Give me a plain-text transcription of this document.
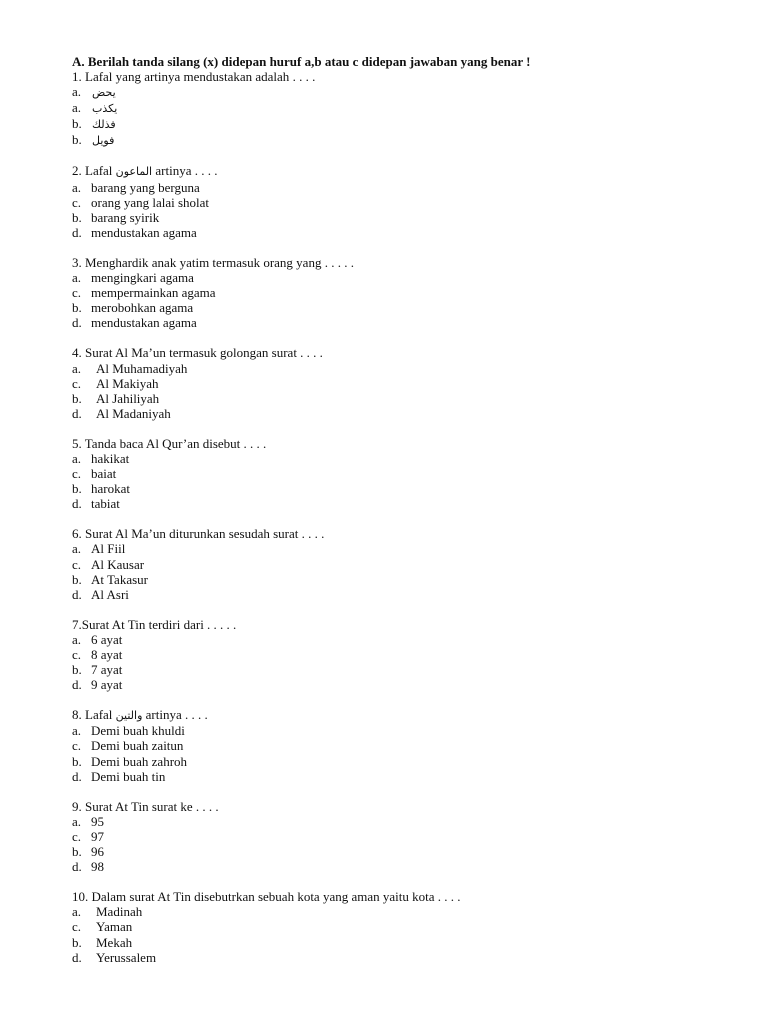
A. Berilah tanda silang (x) didepan huruf a,b atau c didepan jawaban yang benar !

1. Lafal yang artinya mendustakan adalah . . . .
a. يحض
a. يكذب
b. فذلك
b. فويل
2. Lafal الماعون artinya . . . .
a. barang yang berguna
c. orang yang lalai sholat
b. barang syirik
d. mendustakan agama
3. Menghardik anak yatim termasuk orang yang . . . . .
a. mengingkari agama
c. mempermainkan agama
b. merobohkan agama
d. mendustakan agama
4. Surat Al Ma’un termasuk golongan surat . . . .
a.	Al Muhamadiyah
c.	Al Makiyah
b.	Al Jahiliyah
d.	Al Madaniyah
5. Tanda baca Al Qur’an disebut . . . .
a. hakikat
c. baiat
b. harokat
d. tabiat
6. Surat Al Ma’un diturunkan sesudah surat . . . .
a. Al Fiil
c. Al Kausar
b. At Takasur
d. Al Asri
7.Surat At Tin terdiri dari . . . . .
a. 6 ayat
c. 8 ayat
b. 7 ayat
d. 9 ayat
8. Lafal والتين artinya . . . .
a. Demi buah khuldi
c. Demi buah zaitun
b. Demi buah zahroh
d. Demi buah tin
9. Surat At Tin surat ke . . . .
a. 95
c. 97
b. 96
d. 98
10. Dalam surat At Tin disebutrkan sebuah kota yang aman yaitu kota . . . .
a.	Madinah
c.	Yaman
b.	Mekah
d.	Yerussalem
